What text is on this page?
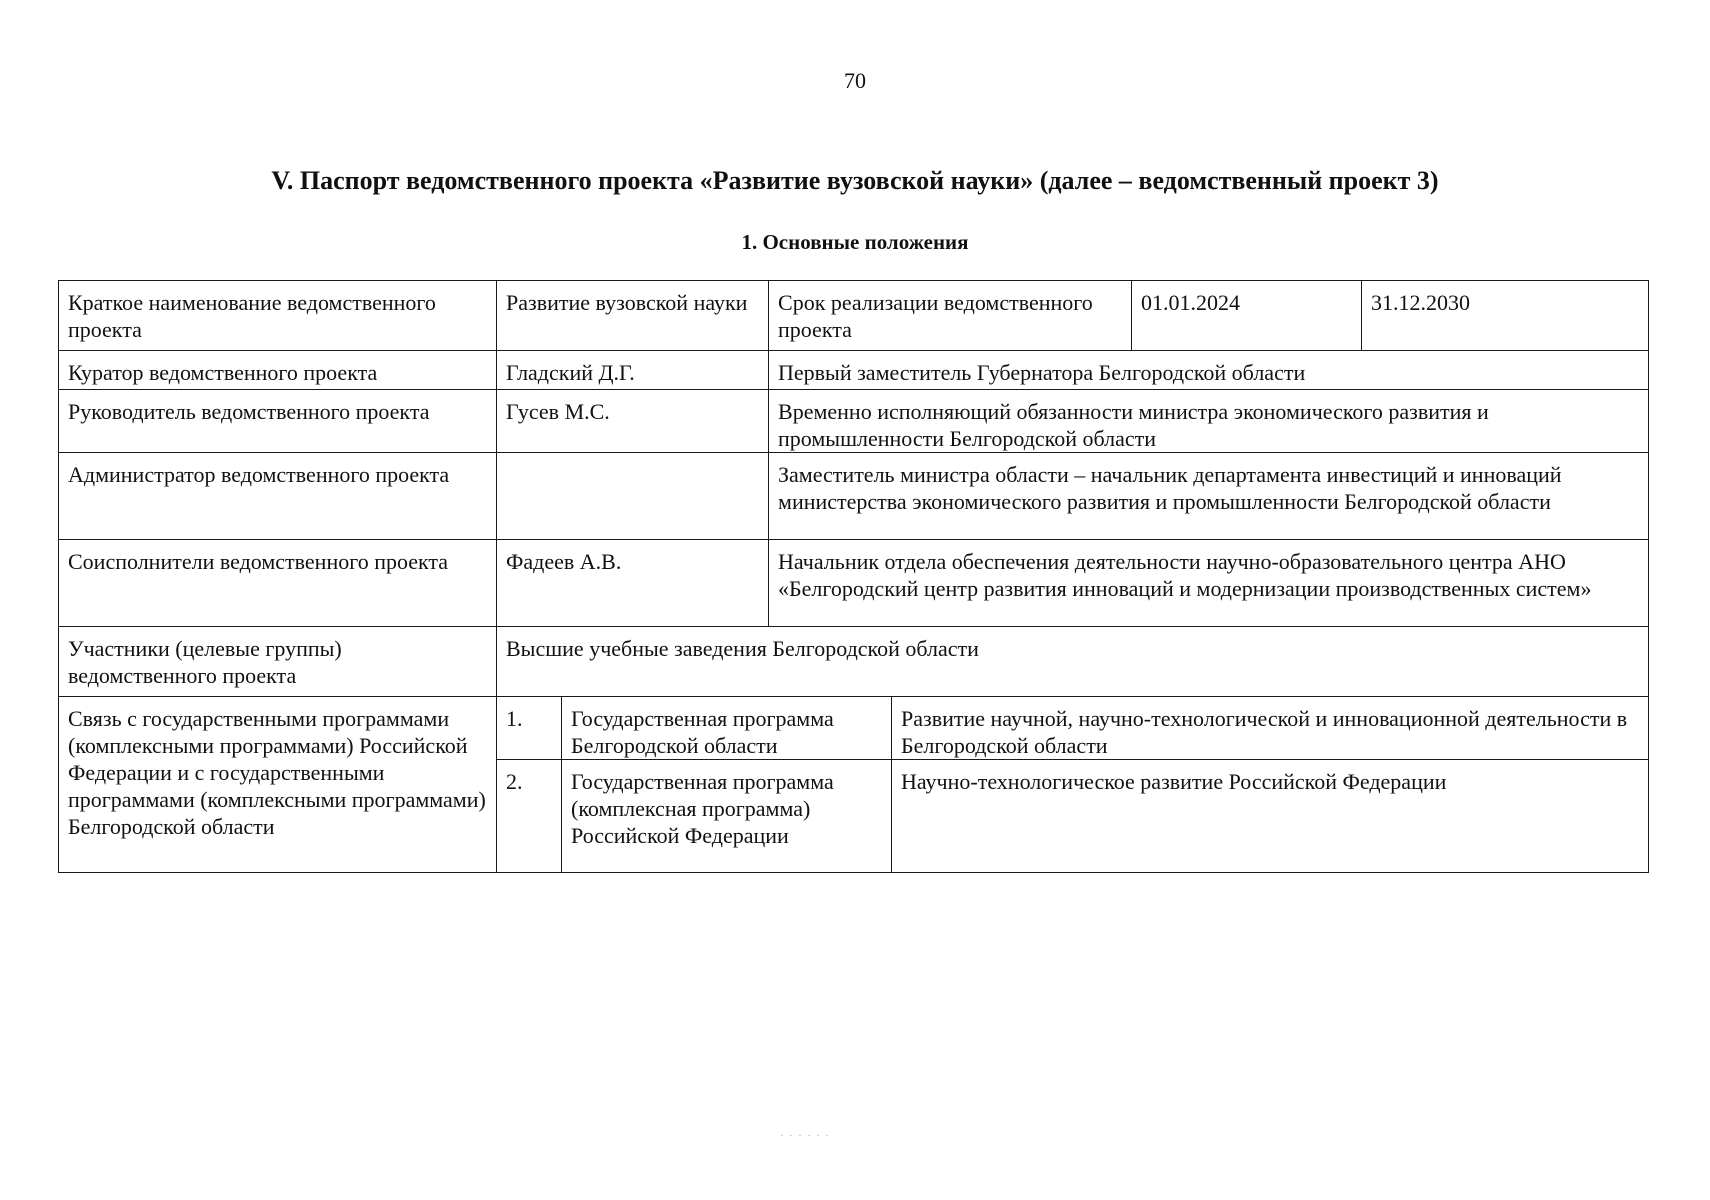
70
V. Паспорт ведомственного проекта «Развитие вузовской науки» (далее – ведомственный проект 3)
1. Основные положения
Краткое наименование ведомственного проекта	Развитие вузовской науки		Срок реализации ведомственного проекта		01.01.2024	31.12.2030
Куратор ведомственного проекта	Гладский Д.Г.		Первый заместитель Губернатора Белгородской области			
Руководитель ведомственного проекта	Гусев М.С.		Временно исполняющий обязанности министра экономического развития и промышленности Белгородской области			
Администратор ведомственного проекта			Заместитель министра области – начальник департамента инвестиций и инноваций министерства экономического развития и промышленности Белгородской области			
Соисполнители ведомственного проекта	Фадеев А.В.		Начальник отдела обеспечения деятельности научно-образовательного центра АНО «Белгородский центр развития инноваций и модернизации производственных систем»			
Участники (целевые группы) ведомственного проекта	Высшие учебные заведения Белгородской области					
Связь с государственными программами (комплексными программами) Российской Федерации и с государственными программами (комплексными программами) Белгородской области	1.	Государственная программа Белгородской области		Развитие научной, научно-технологической и инновационной деятельности в Белгородской области		
	2.	Государственная программа (комплексная программа) Российской Федерации		Научно-технологическое развитие Российской Федерации		
· · · · · ·
